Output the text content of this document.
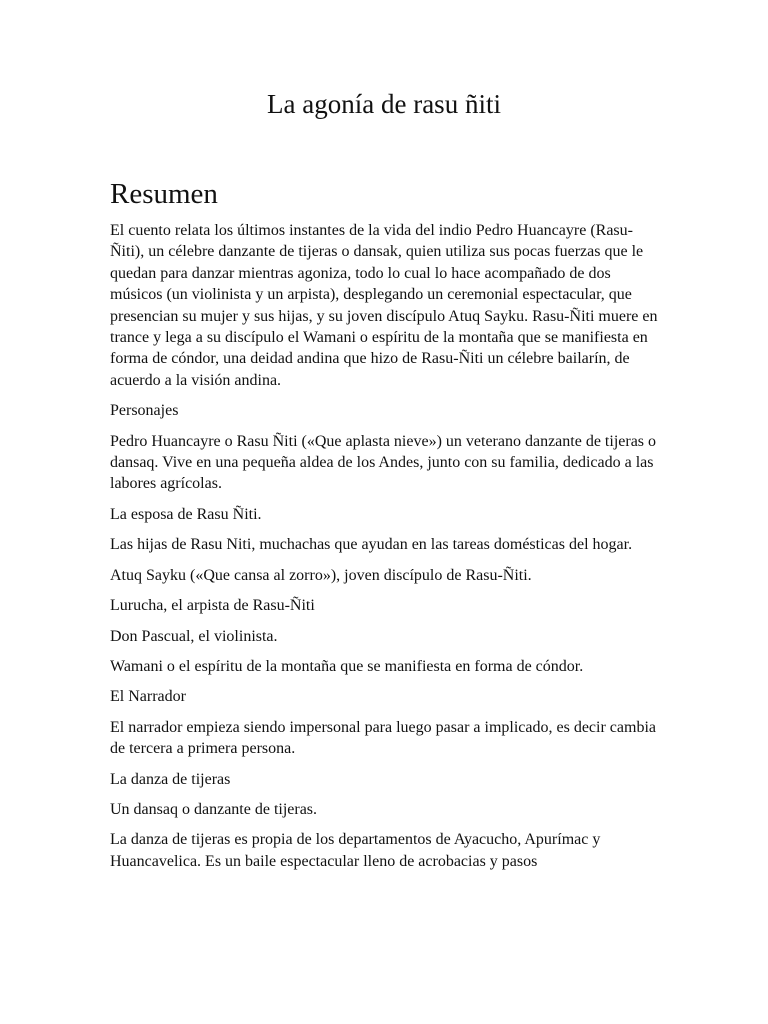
La agonía de rasu ñiti
Resumen

El cuento relata los últimos instantes de la vida del indio Pedro Huancayre (Rasu-Ñiti), un célebre danzante de tijeras o dansak, quien utiliza sus pocas fuerzas que le quedan para danzar mientras agoniza, todo lo cual lo hace acompañado de dos músicos (un violinista y un arpista), desplegando un ceremonial espectacular, que presencian su mujer y sus hijas, y su joven discípulo Atuq Sayku. Rasu-Ñiti muere en trance y lega a su discípulo el Wamani o espíritu de la montaña que se manifiesta en forma de cóndor, una deidad andina que hizo de Rasu-Ñiti un célebre bailarín, de acuerdo a la visión andina.

Personajes

Pedro Huancayre o Rasu Ñiti («Que aplasta nieve») un veterano danzante de tijeras o dansaq. Vive en una pequeña aldea de los Andes, junto con su familia, dedicado a las labores agrícolas.

La esposa de Rasu Ñiti.

Las hijas de Rasu Niti, muchachas que ayudan en las tareas domésticas del hogar.

Atuq Sayku («Que cansa al zorro»), joven discípulo de Rasu-Ñiti.

Lurucha, el arpista de Rasu-Ñiti

Don Pascual, el violinista.

Wamani o el espíritu de la montaña que se manifiesta en forma de cóndor.

El Narrador

El narrador empieza siendo impersonal para luego pasar a implicado, es decir cambia de tercera a primera persona.

La danza de tijeras

Un dansaq o danzante de tijeras.

La danza de tijeras es propia de los departamentos de Ayacucho, Apurímac y Huancavelica. Es un baile espectacular lleno de acrobacias y pasos
